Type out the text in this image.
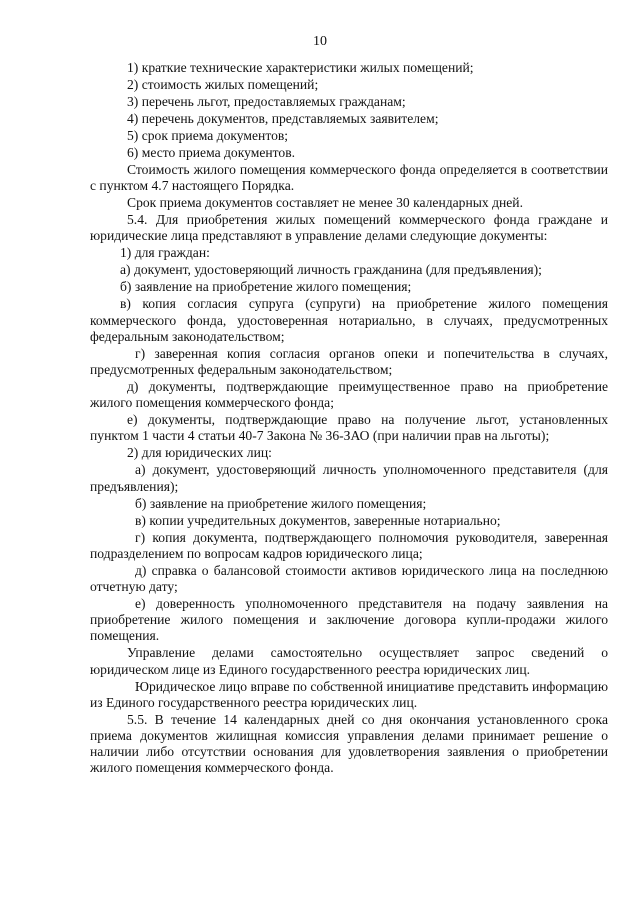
10

1) краткие технические характеристики жилых помещений;

2) стоимость жилых помещений;

3) перечень льгот, предоставляемых гражданам;

4) перечень документов, представляемых заявителем;

5) срок приема документов;

6) место приема документов.

Стоимость жилого помещения коммерческого фонда определяется в соответствии с пунктом 4.7 настоящего Порядка.

Срок приема документов составляет не менее 30 календарных дней.

5.4. Для приобретения жилых помещений коммерческого фонда граждане и юридические лица представляют в управление делами следующие документы:

1) для граждан:

а) документ, удостоверяющий личность гражданина (для предъявления);

б) заявление на приобретение жилого помещения;

в) копия согласия супруга (супруги) на приобретение жилого помещения коммерческого фонда, удостоверенная нотариально, в случаях, предусмотренных федеральным законодательством;

г) заверенная копия согласия органов опеки и попечительства в случаях, предусмотренных федеральным законодательством;

д) документы, подтверждающие преимущественное право на приобретение жилого помещения коммерческого фонда;

е) документы, подтверждающие право на получение льгот, установленных пунктом 1 части 4 статьи 40-7 Закона № 36-ЗАО (при наличии прав на льготы);

2) для юридических лиц:

а) документ, удостоверяющий личность уполномоченного представителя (для предъявления);

б) заявление на приобретение жилого помещения;

в) копии учредительных документов, заверенные нотариально;

г) копия документа, подтверждающего полномочия руководителя, заверенная подразделением по вопросам кадров юридического лица;

д) справка о балансовой стоимости активов юридического лица на последнюю отчетную дату;

е) доверенность уполномоченного представителя на подачу заявления на приобретение жилого помещения и заключение договора купли-продажи жилого помещения.

Управление делами самостоятельно осуществляет запрос сведений о юридическом лице из Единого государственного реестра юридических лиц.

Юридическое лицо вправе по собственной инициативе представить информацию из Единого государственного реестра юридических лиц.

5.5. В течение 14 календарных дней со дня окончания установленного срока приема документов жилищная комиссия управления делами принимает решение о наличии либо отсутствии основания для удовлетворения заявления о приобретении жилого помещения коммерческого фонда.
